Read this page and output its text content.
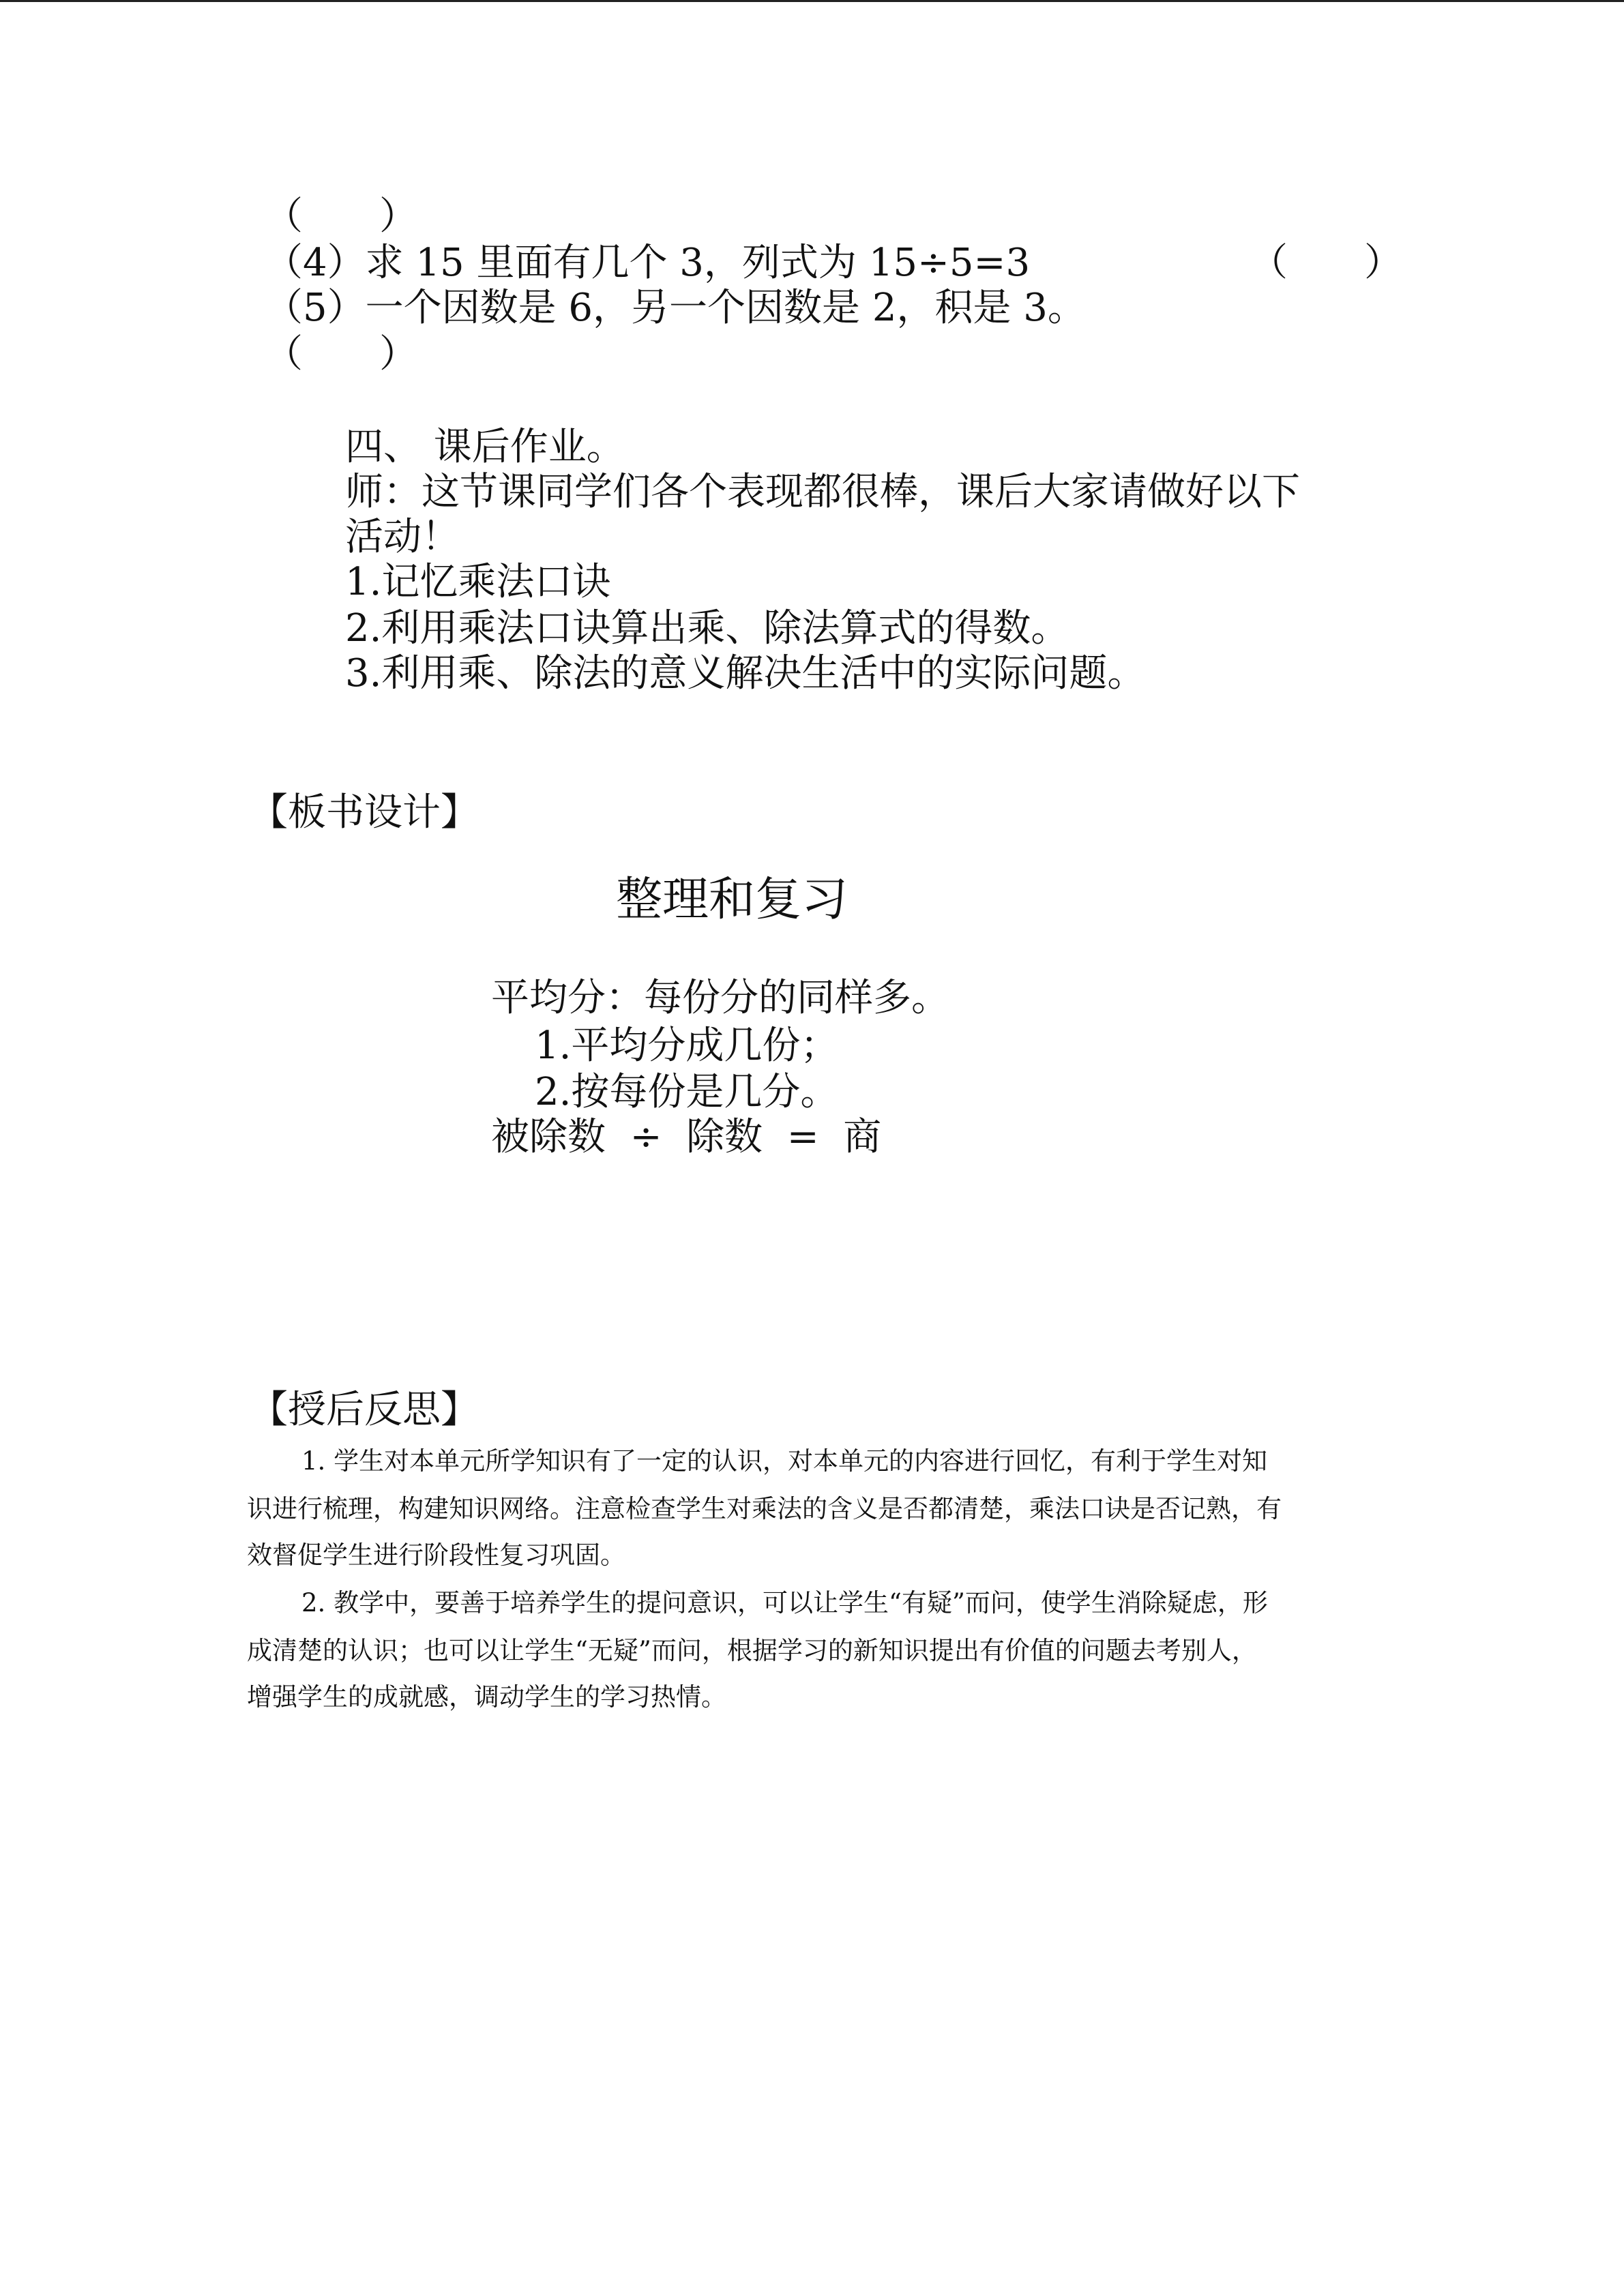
（　　）
（4）求 15 里面有几个 3，列式为 15÷5=3	（　　）
（5）一个因数是 6，另一个因数是 2，积是 3。
（　　）
四、 课后作业。
师：这节课同学们各个表现都很棒，课后大家请做好以下
活动！
1.记忆乘法口诀
2.利用乘法口诀算出乘、除法算式的得数。
3.利用乘、除法的意义解决生活中的实际问题。
【板书设计】
整理和复习
平均分：每份分的同样多。
1.平均分成几份；
2.按每份是几分。
被除数  ÷  除数  =  商
【授后反思】
1. 学生对本单元所学知识有了一定的认识，对本单元的内容进行回忆，有利于学生对知
识进行梳理，构建知识网络。注意检查学生对乘法的含义是否都清楚，乘法口诀是否记熟，有
效督促学生进行阶段性复习巩固。
2. 教学中，要善于培养学生的提问意识，可以让学生“有疑”而问，使学生消除疑虑，形
成清楚的认识；也可以让学生“无疑”而问，根据学习的新知识提出有价值的问题去考别人，
增强学生的成就感，调动学生的学习热情。
